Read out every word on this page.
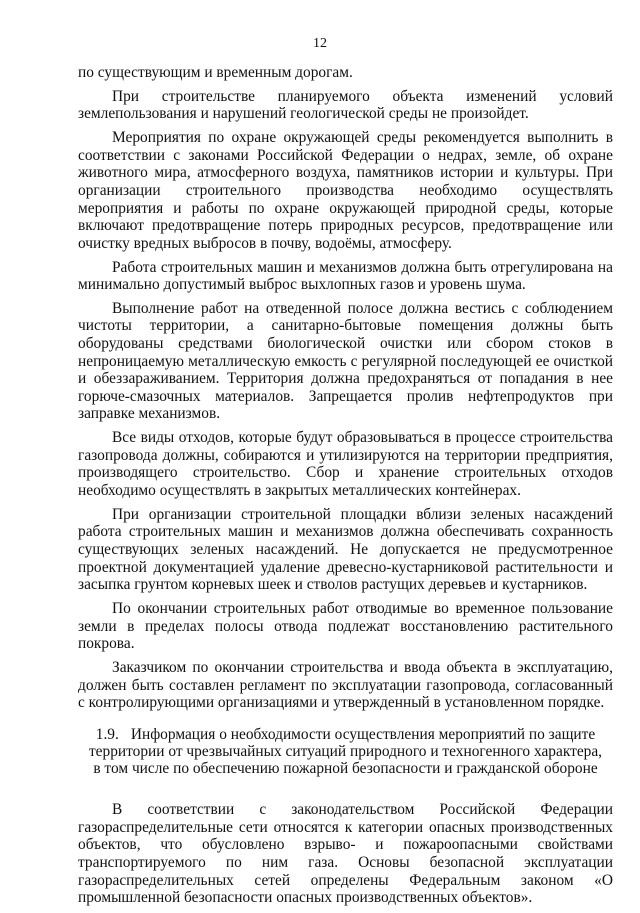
12

по существующим и временным дорогам.

При строительстве планируемого объекта изменений условий землепользования и нарушений геологической среды не произойдет.

Мероприятия по охране окружающей среды рекомендуется выполнить в соответствии с законами Российской Федерации о недрах, земле, об охране животного мира, атмосферного воздуха, памятников истории и культуры. При организации строительного производства необходимо осуществлять мероприятия и работы по охране окружающей природной среды, которые включают предотвращение потерь природных ресурсов, предотвращение или очистку вредных выбросов в почву, водоёмы, атмосферу.

Работа строительных машин и механизмов должна быть отрегулирована на минимально допустимый выброс выхлопных газов и уровень шума.

Выполнение работ на отведенной полосе должна вестись с соблюдением чистоты территории, а санитарно-бытовые помещения должны быть оборудованы средствами биологической очистки или сбором стоков в непроницаемую металлическую емкость с регулярной последующей ее очисткой и обеззараживанием. Территория должна предохраняться от попадания в нее горюче-смазочных материалов. Запрещается пролив нефтепродуктов при заправке механизмов.

Все виды отходов, которые будут образовываться в процессе строительства газопровода должны, собираются и утилизируются на территории предприятия, производящего строительство. Сбор и хранение строительных отходов необходимо осуществлять в закрытых металлических контейнерах.

При организации строительной площадки вблизи зеленых насаждений работа строительных машин и механизмов должна обеспечивать сохранность существующих зеленых насаждений. Не допускается не предусмотренное проектной документацией удаление древесно-кустарниковой растительности и засыпка грунтом корневых шеек и стволов растущих деревьев и кустарников.

По окончании строительных работ отводимые во временное пользование земли в пределах полосы отвода подлежат восстановлению растительного покрова.

Заказчиком по окончании строительства и ввода объекта в эксплуатацию, должен быть составлен регламент по эксплуатации газопровода, согласованный с контролирующими организациями и утвержденный в установленном порядке.

1.9. Информация о необходимости осуществления мероприятий по защите территории от чрезвычайных ситуаций природного и техногенного характера, в том числе по обеспечению пожарной безопасности и гражданской обороне

В соответствии с законодательством Российской Федерации газораспределительные сети относятся к категории опасных производственных объектов, что обусловлено взрыво- и пожароопасными свойствами транспортируемого по ним газа. Основы безопасной эксплуатации газораспределительных сетей определены Федеральным законом «О промышленной безопасности опасных производственных объектов».
